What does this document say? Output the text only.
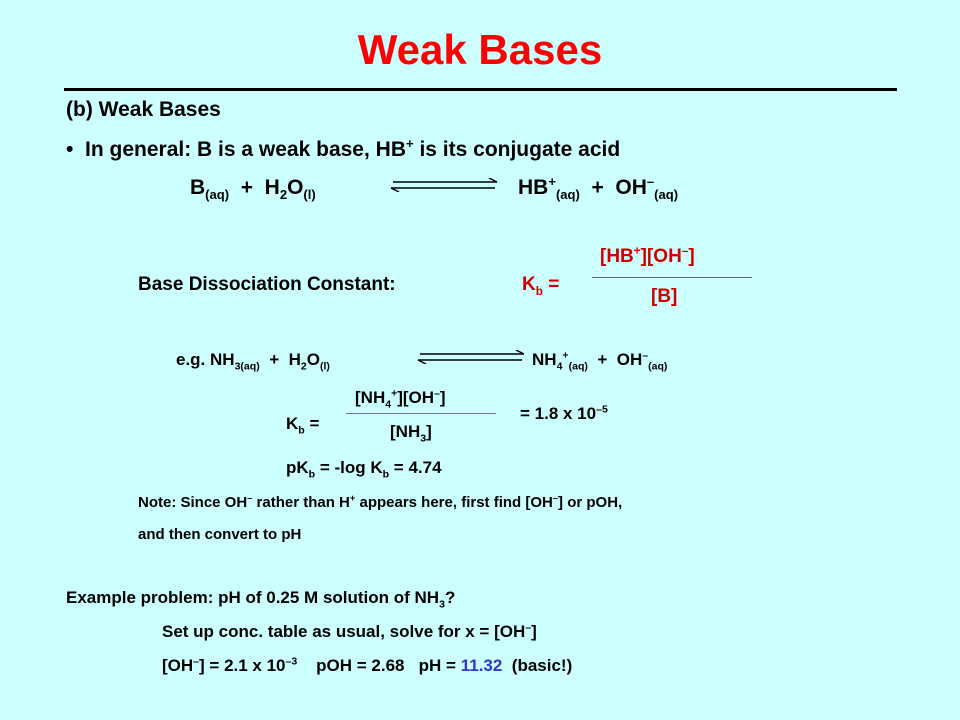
Weak Bases
(b) Weak Bases
• In general: B is a weak base, HB+ is its conjugate acid
$B_{(aq)} + H_2O_{(l)}$	$HB^+_{(aq)} + OH^-_{(aq)}$
Base Dissociation Constant:	$K_b$ =
[HB+][OH–]
[B]
e.g. $NH_{3(aq)} + H_2O_{(l)}$	$NH_4^+_{(aq)} + OH^-_{(aq)}$
$K_b$ =
$[NH_4^+][OH^-]$
$[NH_3]$
= 1.8 x $10^{-5}$
$pK_b = -\log$ $K_b = 4.74$
Note: Since OH– rather than H+ appears here, first find [OH–] or pOH,
and then convert to pH
Example problem: pH of 0.25 M solution of $NH_3$?
Set up conc. table as usual, solve for x = [OH–]
[OH–] = 2.1 x $10^{-3}$ pOH = 2.68 pH = 11.32 (basic!)
